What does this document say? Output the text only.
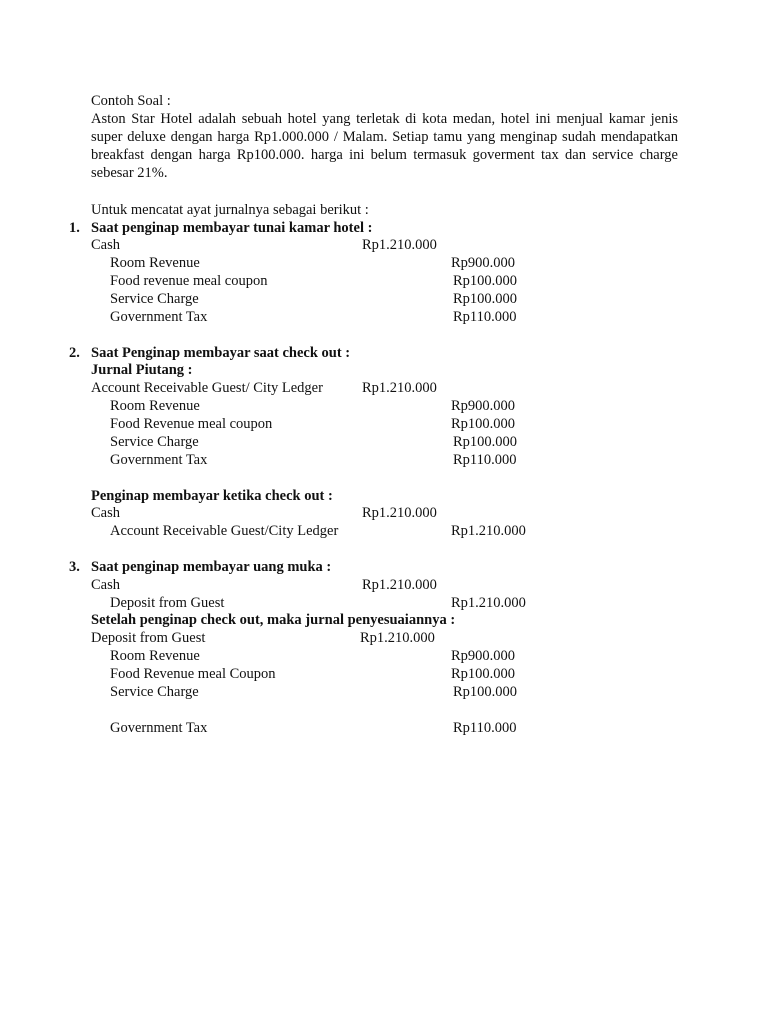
Contoh Soal :

Aston Star Hotel adalah sebuah hotel yang terletak di kota medan, hotel ini menjual kamar jenis super deluxe dengan harga Rp1.000.000 / Malam. Setiap tamu yang menginap sudah mendapatkan breakfast dengan harga Rp100.000. harga ini belum termasuk goverment tax dan service charge sebesar 21%.

Untuk mencatat ayat jurnalnya sebagai berikut :
1. Saat penginap membayar tunai kamar hotel :
Cash	Rp1.210.000
Room Revenue	Rp900.000
Food revenue meal coupon	Rp100.000
Service Charge	Rp100.000
Government Tax	Rp110.000
2. Saat Penginap membayar saat check out :
Jurnal Piutang :
Account Receivable Guest/ City Ledger	Rp1.210.000
Room Revenue	Rp900.000
Food Revenue meal coupon	Rp100.000
Service Charge	Rp100.000
Government Tax	Rp110.000
Penginap membayar ketika check out :
Cash	Rp1.210.000
Account Receivable Guest/City Ledger	Rp1.210.000
3. Saat penginap membayar uang muka :
Cash	Rp1.210.000
Deposit from Guest	Rp1.210.000
Setelah penginap check out, maka jurnal penyesuaiannya :
Deposit from Guest	Rp1.210.000
Room Revenue	Rp900.000
Food Revenue meal Coupon	Rp100.000
Service Charge	Rp100.000
Government Tax	Rp110.000
